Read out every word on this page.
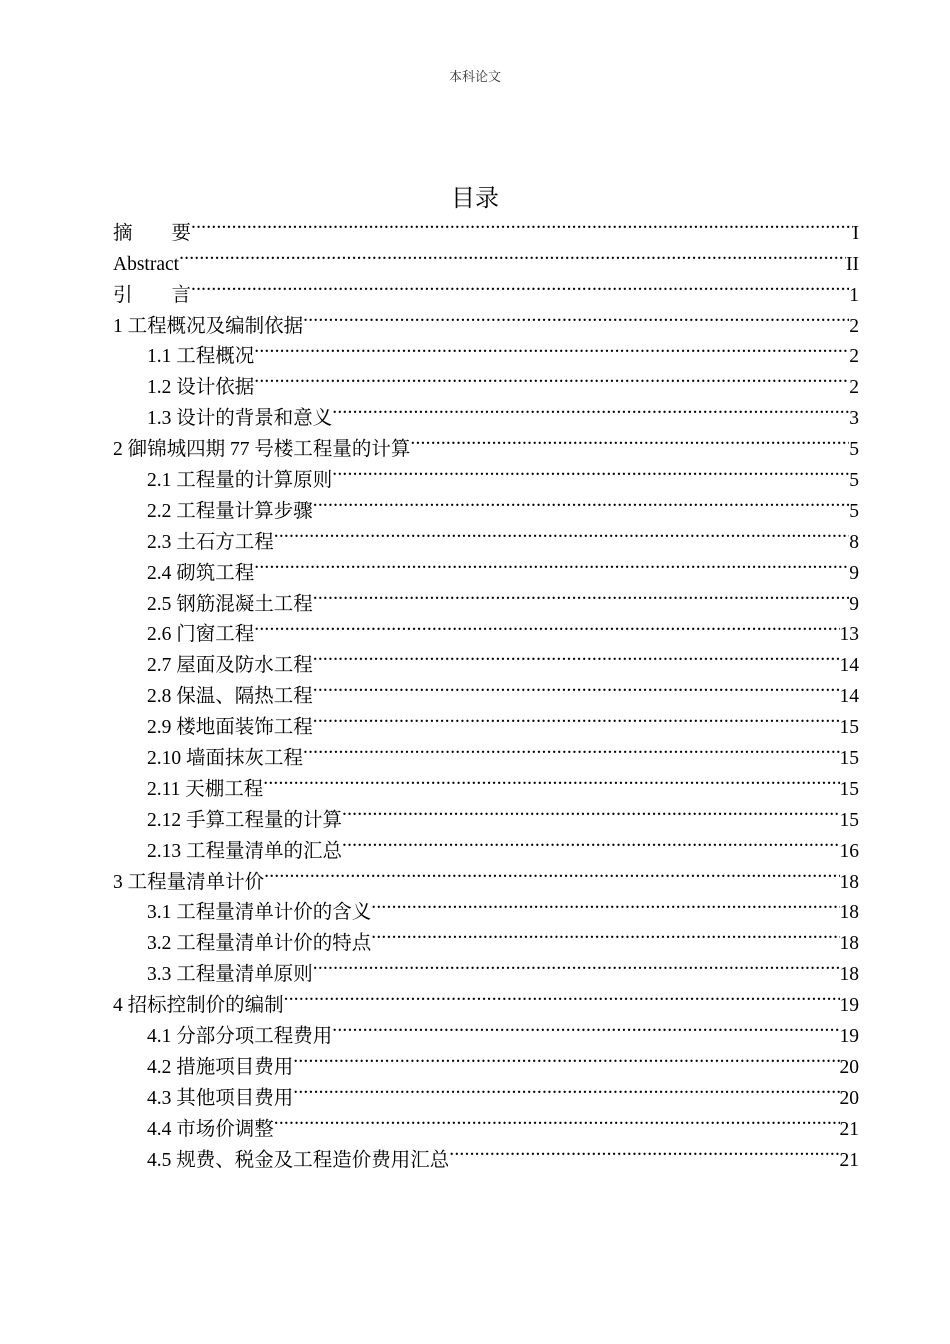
本科论文
目录
摘　　要 .....	I
Abstract .....	II
引　　言 .....	1
1 工程概况及编制依据 .....	2
1.1 工程概况 .....	2
1.2 设计依据 .....	2
1.3 设计的背景和意义 .....	3
2 御锦城四期 77 号楼工程量的计算 .....	5
2.1 工程量的计算原则 .....	5
2.2 工程量计算步骤 .....	5
2.3 土石方工程 .....	8
2.4 砌筑工程 .....	9
2.5 钢筋混凝土工程 .....	9
2.6 门窗工程 .....	13
2.7 屋面及防水工程 .....	14
2.8 保温、隔热工程 .....	14
2.9 楼地面装饰工程 .....	15
2.10 墙面抹灰工程 .....	15
2.11 天棚工程 .....	15
2.12 手算工程量的计算 .....	15
2.13 工程量清单的汇总 .....	16
3 工程量清单计价 .....	18
3.1 工程量清单计价的含义 .....	18
3.2 工程量清单计价的特点 .....	18
3.3 工程量清单原则 .....	18
4 招标控制价的编制 .....	19
4.1 分部分项工程费用 .....	19
4.2 措施项目费用 .....	20
4.3 其他项目费用 .....	20
4.4 市场价调整 .....	21
4.5 规费、税金及工程造价费用汇总 .....	21
